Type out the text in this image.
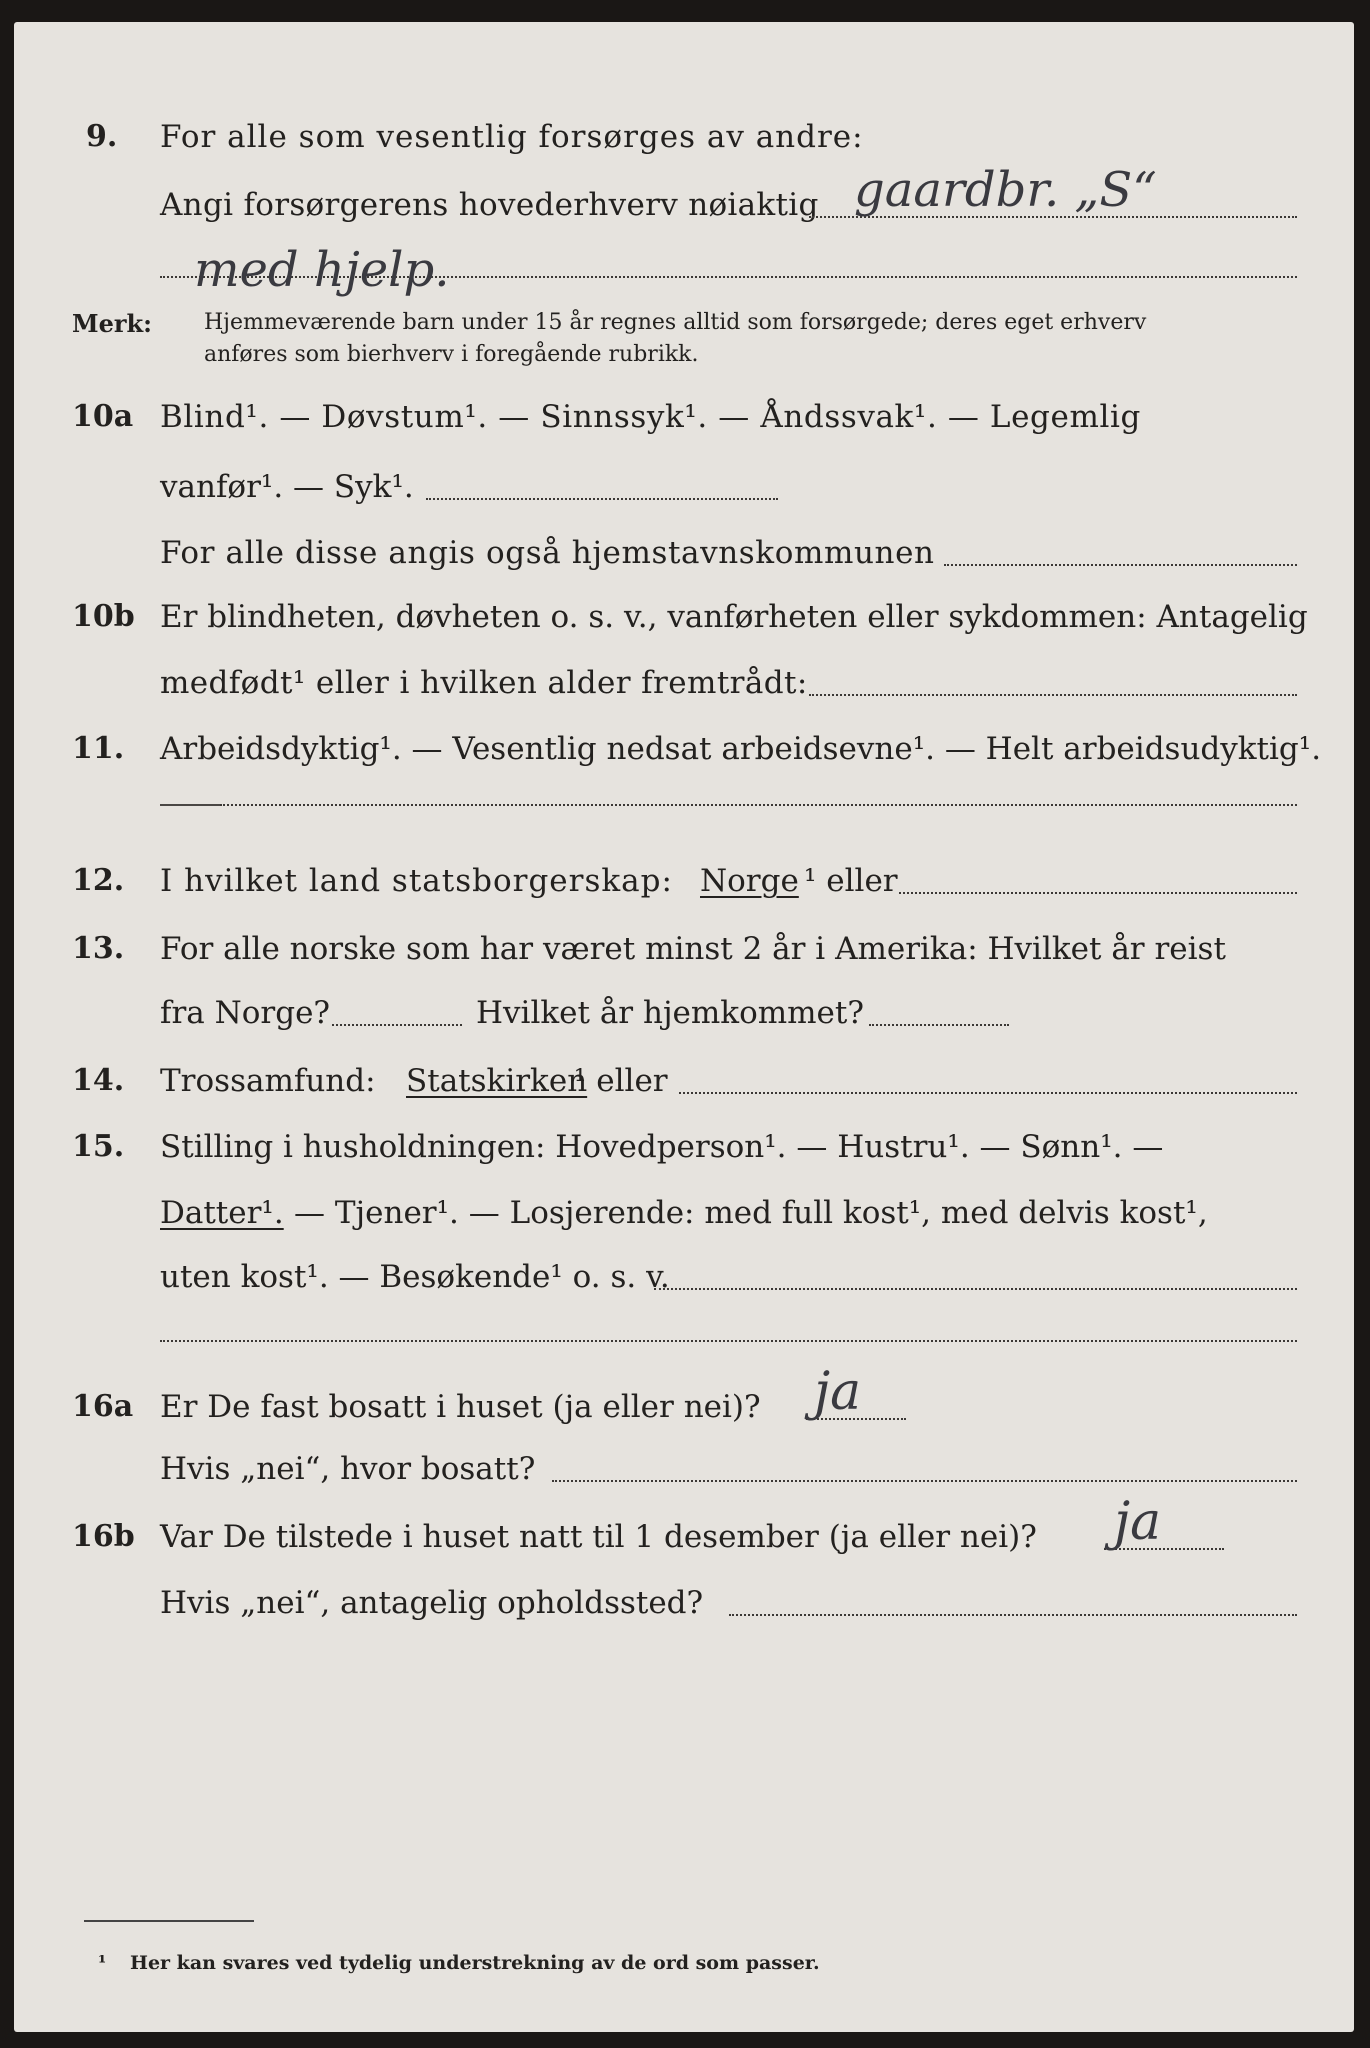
9. For alle som vesentlig forsørges av andre:
Angi forsørgerens hovederhverv nøiaktig gaardbr. „S“
med hjelp.
Merk: Hjemmeværende barn under 15 år regnes alltid som forsørgede; deres eget erhverv
anføres som bierhverv i foregående rubrikk.
10a Blind¹. — Døvstum¹. — Sinnssyk¹. — Åndssvak¹. — Legemlig
vanfør¹. — Syk¹.
For alle disse angis også hjemstavnskommunen
10b Er blindheten, døvheten o. s. v., vanførheten eller sykdommen: Antagelig
medfødt¹ eller i hvilken alder fremtrådt:
11. Arbeidsdyktig¹. — Vesentlig nedsat arbeidsevne¹. — Helt arbeidsudyktig¹.
12. I hvilket land statsborgerskap: Norge ¹ eller
13. For alle norske som har været minst 2 år i Amerika: Hvilket år reist
fra Norge?	Hvilket år hjemkommet?
14. Trossamfund: Statskirken
¹ eller
15. Stilling i husholdningen: Hovedperson¹. — Hustru¹. — Sønn¹. —
Datter¹. — Tjener¹. — Losjerende: med full kost¹, med delvis kost¹,
uten kost¹. — Besøkende¹ o. s. v.
16a Er De fast bosatt i huset (ja eller nei)? ja
Hvis „nei“, hvor bosatt?
16b Var De tilstede i huset natt til 1 desember (ja eller nei)? ja
Hvis „nei“, antagelig opholdssted?
¹ Her kan svares ved tydelig understrekning av de ord som passer.
